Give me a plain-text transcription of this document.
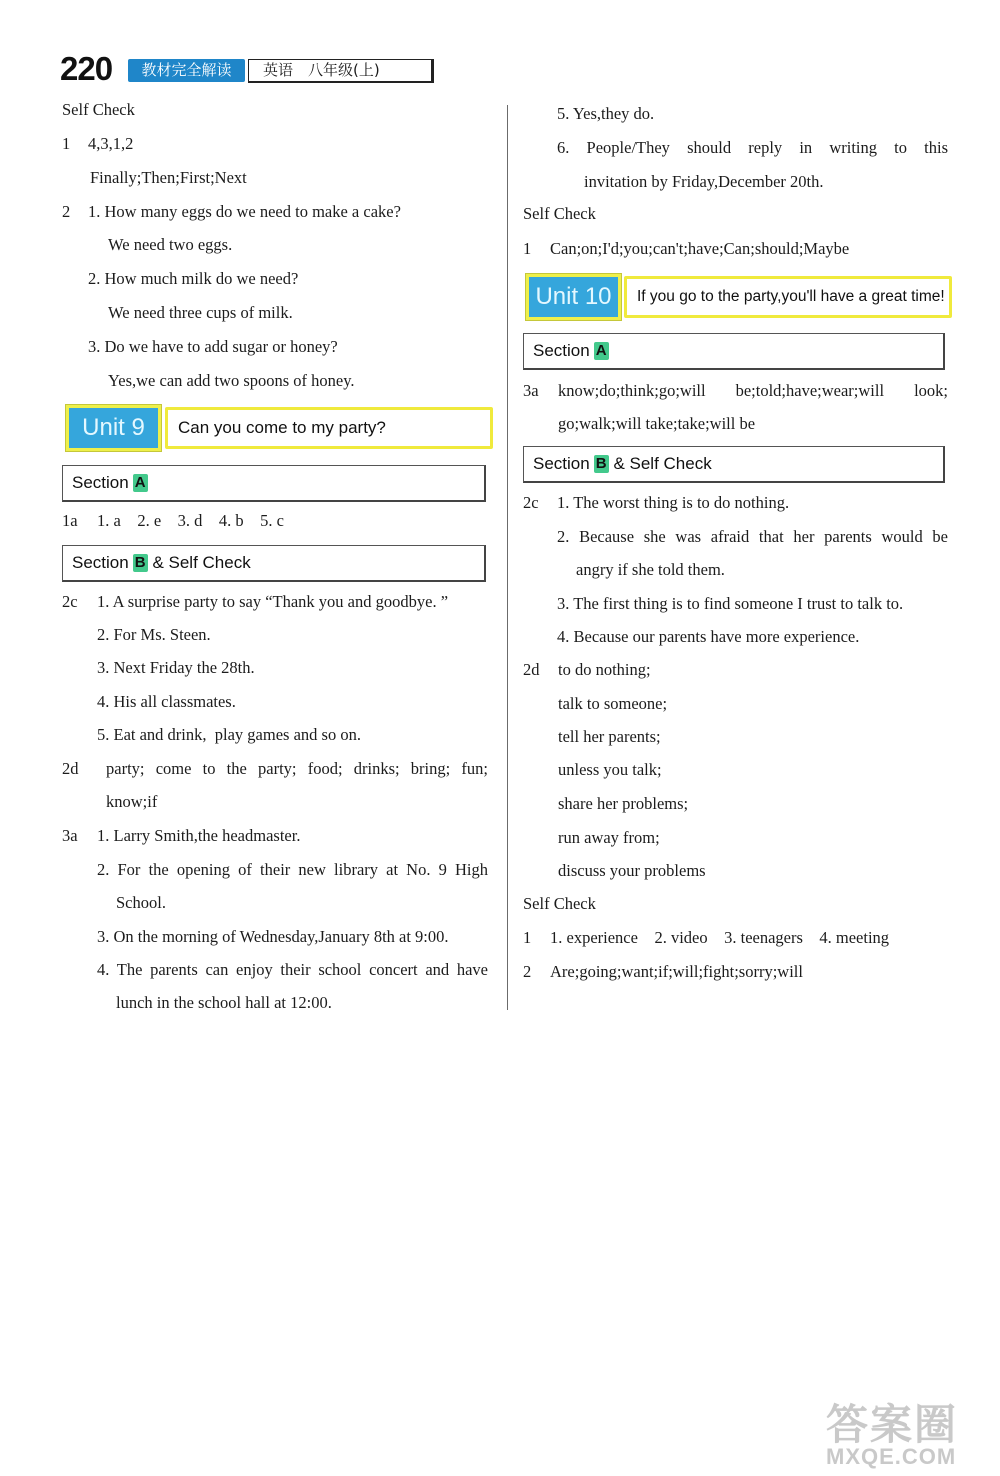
220	教材完全解读	英语　八年级(上)
Self Check
1 4,3,1,2
Finally;Then;First;Next
2 1. How many eggs do we need to make a cake?
We need two eggs.
2. How much milk do we need?
We need three cups of milk.
3. Do we have to add sugar or honey?
Yes,we can add two spoons of honey.
Unit 9	Can you come to my party?
Section A
1a 1. a    2. e    3. d    4. b    5. c
Section B & Self Check
2c 1. A surprise party to say “Thank you and goodbye. ”
2. For Ms. Steen.
3. Next Friday the 28th.
4. His all classmates.
5. Eat and drink,  play games and so on.
2d party; come to the party; food; drinks; bring; fun;
know;if
3a 1. Larry Smith,the headmaster.
2. For the opening of their new library at No. 9 High
School.
3. On the morning of Wednesday,January 8th at 9:00.
4. The parents can enjoy their school concert and have
lunch in the school hall at 12:00.
5. Yes,they do.
6. People/They should reply in writing to this
invitation by Friday,December 20th.
Self Check
1 Can;on;I'd;you;can't;have;Can;should;Maybe
Unit 10	If you go to the party,you'll have a great time!
Section A
3a know;do;think;go;will be;told;have;wear;will look;
go;walk;will take;take;will be
Section B & Self Check
2c 1. The worst thing is to do nothing.
2. Because she was afraid that her parents would be
angry if she told them.
3. The first thing is to find someone I trust to talk to.
4. Because our parents have more experience.
2d to do nothing;
talk to someone;
tell her parents;
unless you talk;
share her problems;
run away from;
discuss your problems
Self Check
1 1. experience    2. video    3. teenagers    4. meeting
2 Are;going;want;if;will;fight;sorry;will
答案圈
MXQE.COM
